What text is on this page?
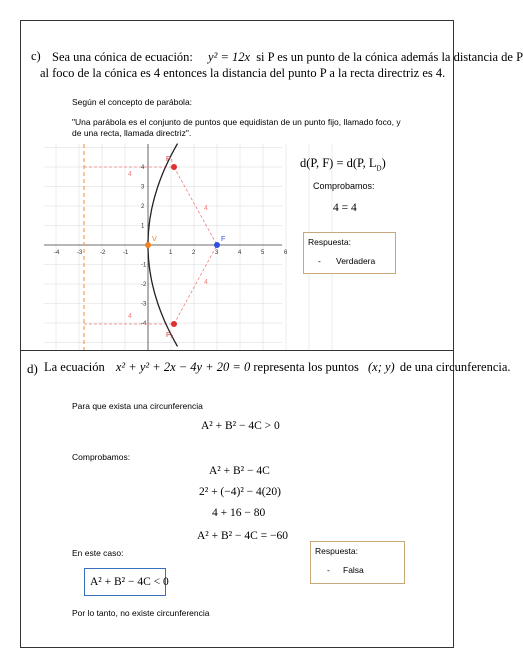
c) Sea una cónica de ecuación: y² = 12x si P es un punto de la cónica además la distancia de P
al foco de la cónica es 4 entonces la distancia del punto P a la recta directriz es 4.
Según el concepto de parábola:
"Una parábola es el conjunto de puntos que equidistan de un punto fijo, llamado foco, y
de una recta, llamada directriz".
-4	-3	-2	-1	1	2	3	4	5	6
4
3
2
1
-1
-2
-3
-4
4
4
4
4
P₁
P₂
F
V
d(P, F) = d(P, $L_D$)
Comprobamos:
4 = 4
Respuesta:
- Verdadera
d) La ecuación x² + y² + 2x − 4y + 20 = 0 representa los puntos (x; y) de una circunferencia.
Para que exista una circunferencia
A² + B² − 4C > 0
Comprobamos:
A² + B² − 4C
2² + (−4)² − 4(20)
4 + 16 − 80
A² + B² − 4C = −60
En este caso:
A² + B² − 4C < 0
Por lo tanto, no existe circunferencia
Respuesta:
- Falsa
